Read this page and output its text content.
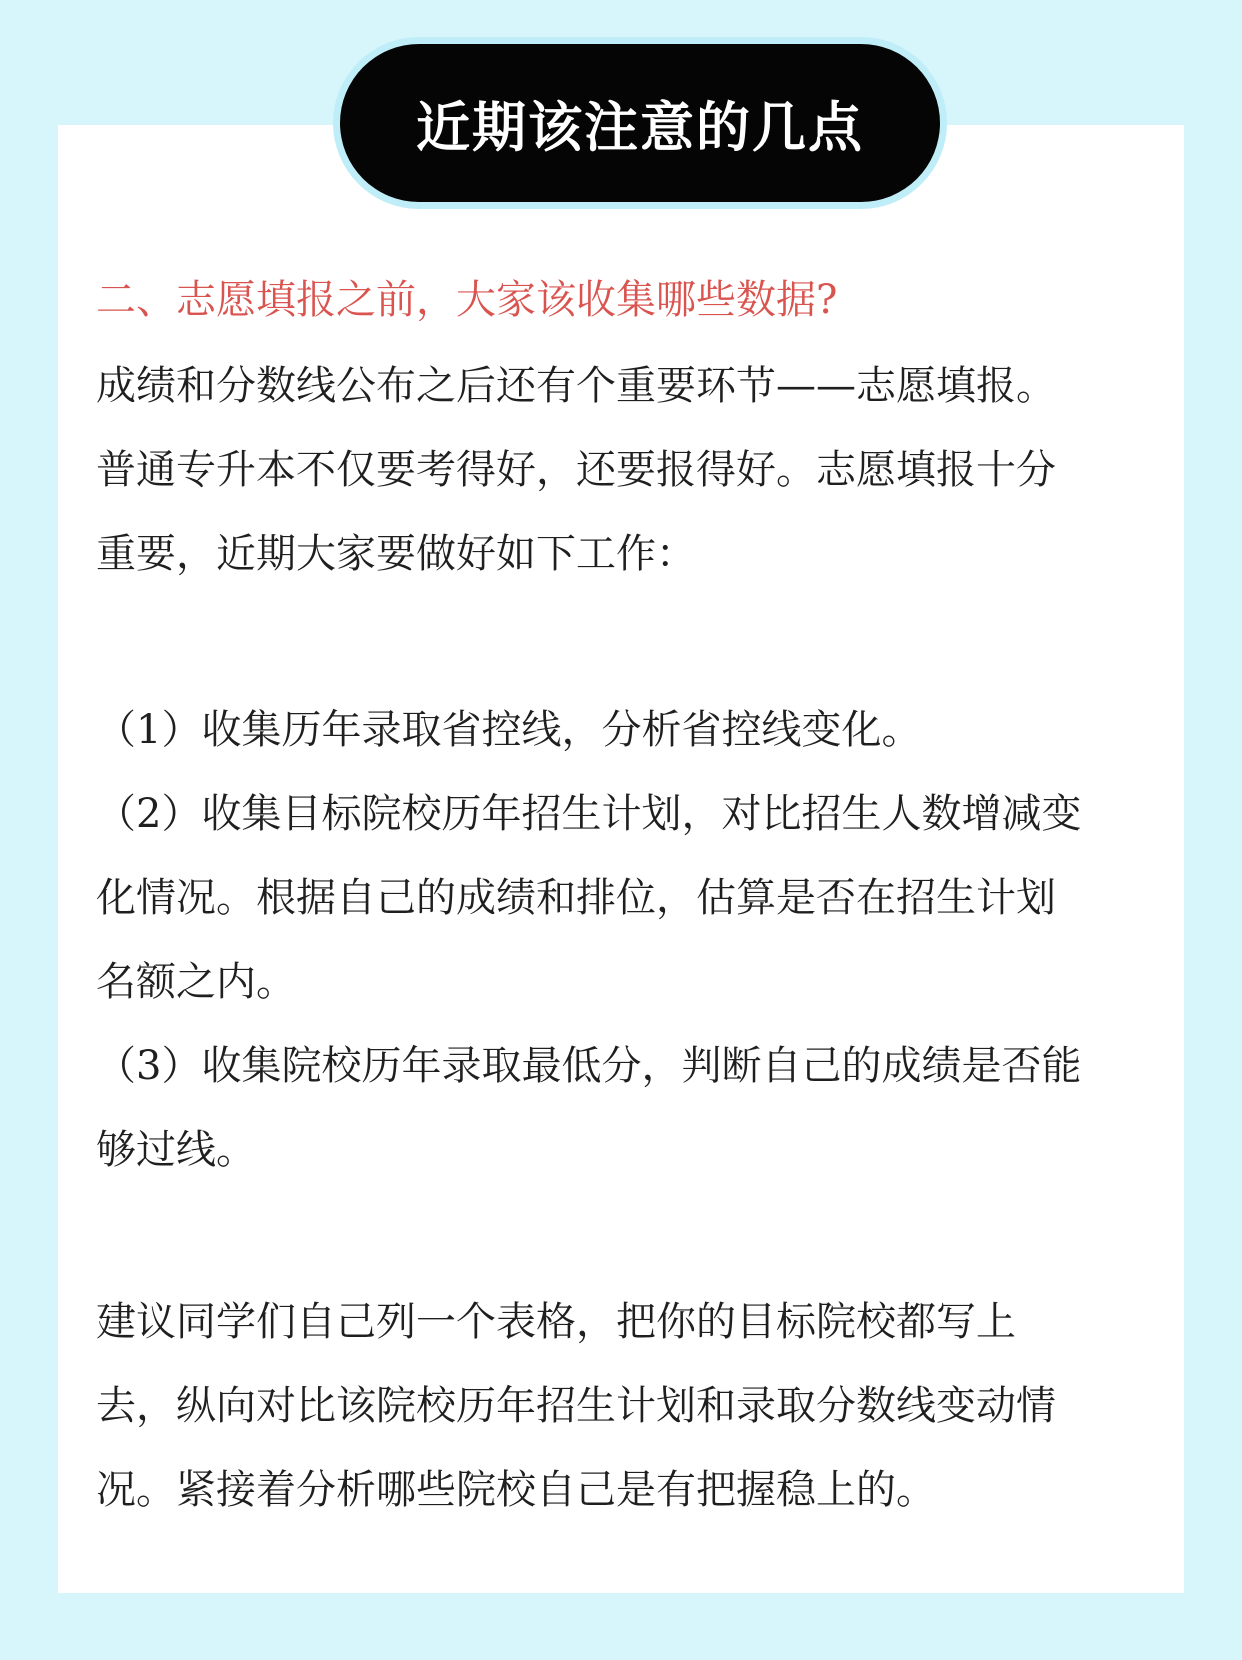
近期该注意的几点
二、志愿填报之前，大家该收集哪些数据?
成绩和分数线公布之后还有个重要环节——志愿填报。
普通专升本不仅要考得好，还要报得好。志愿填报十分
重要，近期大家要做好如下工作：
（1）收集历年录取省控线，分析省控线变化。
（2）收集目标院校历年招生计划，对比招生人数增减变
化情况。根据自己的成绩和排位，估算是否在招生计划
名额之内。
（3）收集院校历年录取最低分，判断自己的成绩是否能
够过线。
建议同学们自己列一个表格，把你的目标院校都写上
去，纵向对比该院校历年招生计划和录取分数线变动情
况。紧接着分析哪些院校自己是有把握稳上的。
